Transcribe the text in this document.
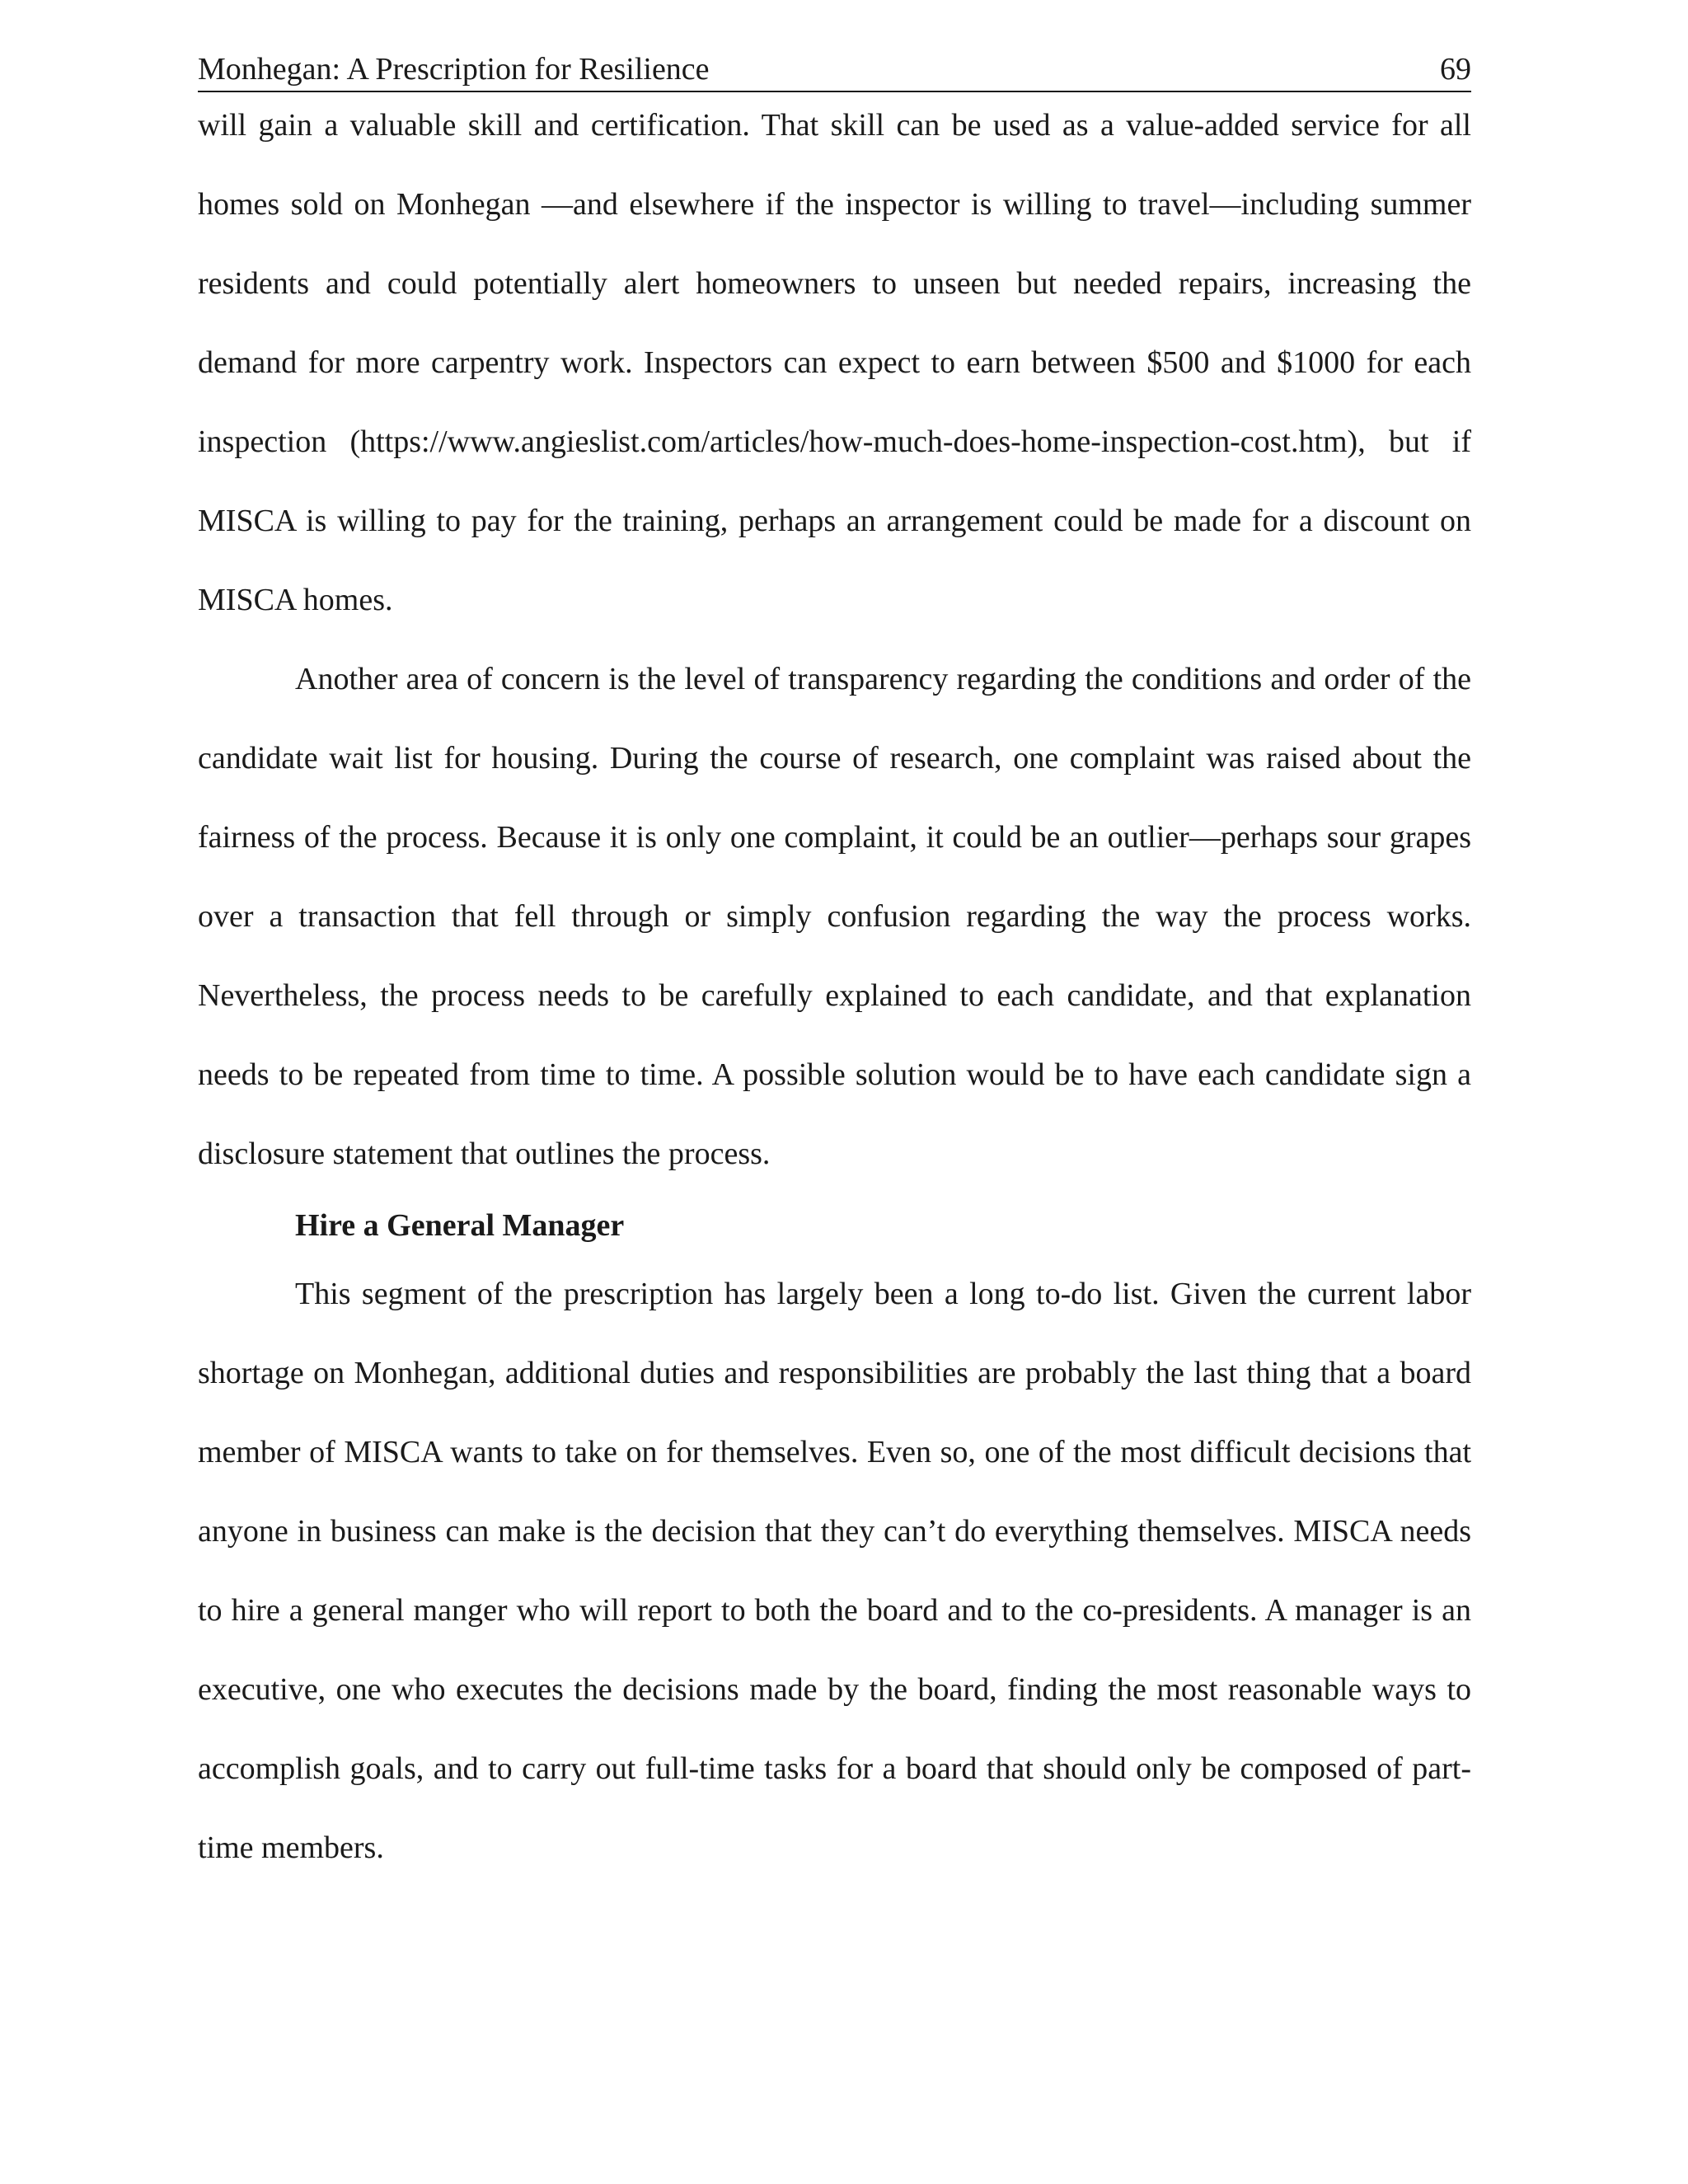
Monhegan: A Prescription for Resilience	69

will gain a valuable skill and certification. That skill can be used as a value-added service for all homes sold on Monhegan —and elsewhere if the inspector is willing to travel—including summer residents and could potentially alert homeowners to unseen but needed repairs, increasing the demand for more carpentry work. Inspectors can expect to earn between $500 and $1000 for each inspection (https://www.angieslist.com/articles/how-much-does-home-inspection-cost.htm), but if MISCA is willing to pay for the training, perhaps an arrangement could be made for a discount on MISCA homes.

Another area of concern is the level of transparency regarding the conditions and order of the candidate wait list for housing. During the course of research, one complaint was raised about the fairness of the process. Because it is only one complaint, it could be an outlier—perhaps sour grapes over a transaction that fell through or simply confusion regarding the way the process works. Nevertheless, the process needs to be carefully explained to each candidate, and that explanation needs to be repeated from time to time. A possible solution would be to have each candidate sign a disclosure statement that outlines the process.

Hire a General Manager

This segment of the prescription has largely been a long to-do list. Given the current labor shortage on Monhegan, additional duties and responsibilities are probably the last thing that a board member of MISCA wants to take on for themselves. Even so, one of the most difficult decisions that anyone in business can make is the decision that they can’t do everything themselves. MISCA needs to hire a general manger who will report to both the board and to the co-presidents. A manager is an executive, one who executes the decisions made by the board, finding the most reasonable ways to accomplish goals, and to carry out full-time tasks for a board that should only be composed of part-time members.
